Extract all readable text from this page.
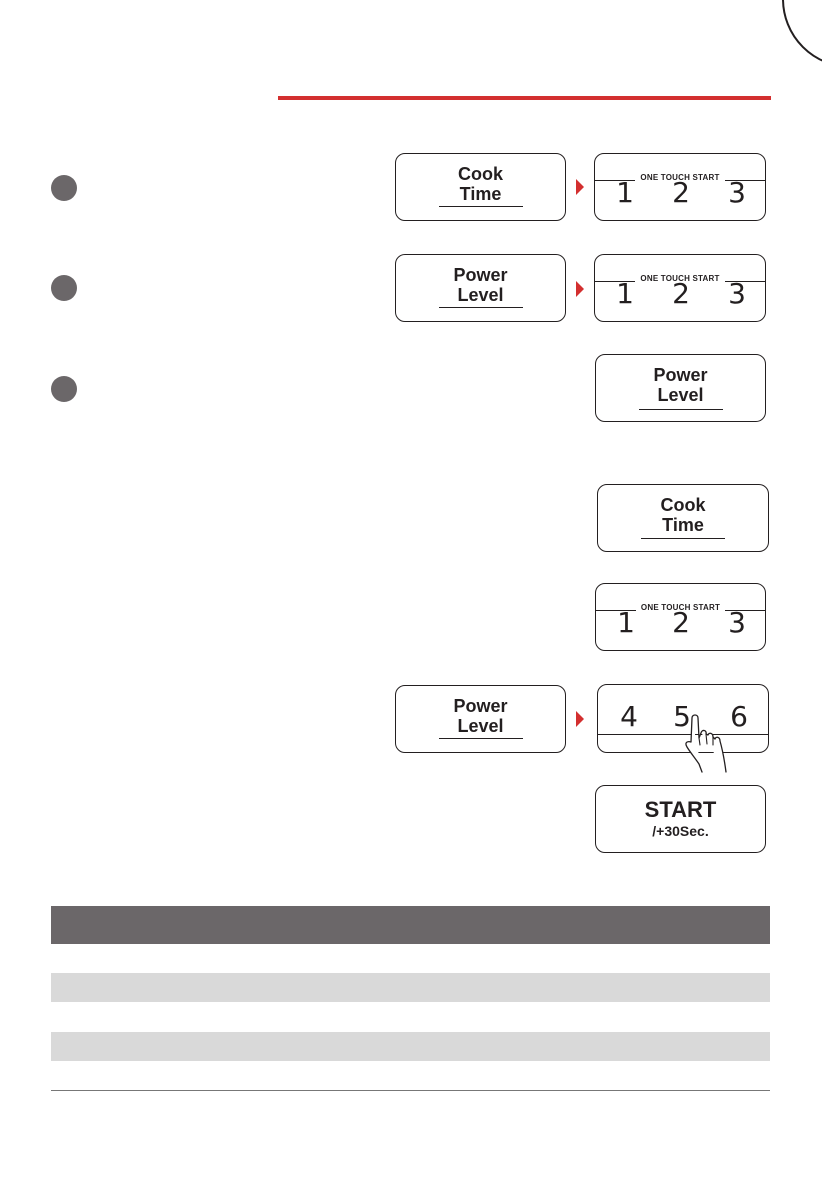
Cook
Time
ONE TOUCH START
1	2	3
Power
Level
ONE TOUCH START
1	2	3
Power
Level
Cook
Time
ONE TOUCH START
1	2	3
Power
Level	4	5	6
START
/+30Sec.
